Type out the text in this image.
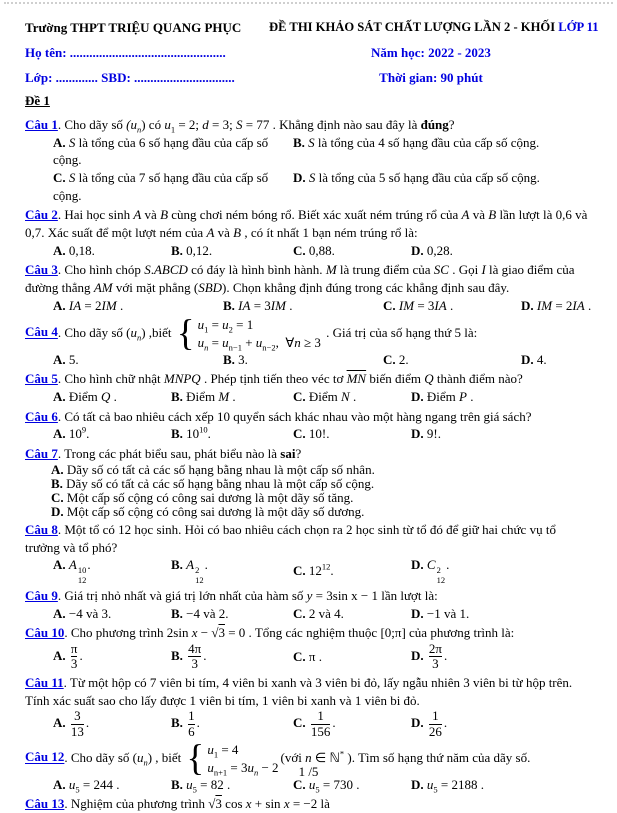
Trường THPT TRIỆU QUANG PHỤC	ĐỀ THI KHẢO SÁT CHẤT LƯỢNG LẦN 2 - KHỐI LỚP 11
Họ tên: ................................................	Năm học: 2022 - 2023
Lớp: ............. SBD: ...............................	Thời gian: 90 phút
Đề 1
Câu 1. Cho dãy số $(u_n)$ có $u_1 = 2$; d = 3; S = 77 . Khẳng định nào sau đây là đúng?
A. S là tổng của 6 số hạng đầu của cấp số cộng.
B. S là tổng của 4 số hạng đầu của cấp số cộng.
C. S là tổng của 7 số hạng đầu của cấp số cộng.
D. S là tổng của 5 số hạng đầu của cấp số cộng.
Câu 2. Hai học sinh A và B cùng chơi ném bóng rổ. Biết xác xuất ném trúng rổ của A và B lần lượt là 0,6 và 0,7. Xác suất để một lượt ném của A và B , có ít nhất 1 bạn ném trúng rổ là:
A. 0,18.	B. 0,12.	C. 0,88.	D. 0,28.
Câu 3. Cho hình chóp S.ABCD có đáy là hình bình hành. M là trung điểm của SC . Gọi I là giao điểm của đường thẳng AM với mặt phẳng (SBD). Chọn khẳng định đúng trong các khẳng định sau đây.
A. IA = 2IM .	B. IA = 3IM .	C. IM = 3IA .	D. IM = 2IA .
Câu 4. Cho dãy số $(u_n)$ ,biết { $u_1 = u_2 = 1$
$u_n = u_{n-1} + u_{n-2}$,  ∀n ≥ 3
. Giá trị của số hạng thứ 5 là:
A. 5.	B. 3.	C. 2.	D. 4.
Câu 5. Cho hình chữ nhật MNPQ . Phép tịnh tiến theo véc tơ $\overline{MN}$ biến điểm Q thành điểm nào?
A. Điểm Q .	B. Điểm M .	C. Điểm N .	D. Điểm P .
Câu 6. Có tất cả bao nhiêu cách xếp 10 quyển sách khác nhau vào một hàng ngang trên giá sách?
A. $10^9$.	B. $10^{10}$.	C. 10!.	D. 9!.
Câu 7. Trong các phát biểu sau, phát biểu nào là sai?
A. Dãy số có tất cả các số hạng bằng nhau là một cấp số nhân.
B. Dãy số có tất cả các số hạng bằng nhau là một cấp số cộng.
C. Một cấp số cộng có công sai dương là một dãy số tăng.
D. Một cấp số cộng có công sai dương là một dãy số dương.
Câu 8. Một tổ có 12 học sinh. Hỏi có bao nhiêu cách chọn ra 2 học sinh từ tổ đó để giữ hai chức vụ tổ trưởng và tổ phó?
A. A 10
12
.	B. A 2
12
.	C. $12^{12}$.	D. C 2
12
.
Câu 9. Giá trị nhỏ nhất và giá trị lớn nhất của hàm số y = 3sin x − 1 lần lượt là:
A. −4 và 3.	B. −4 và 2.	C. 2 và 4.	D. −1 và 1.
Câu 10. Cho phương trình 2sin x − √3 = 0 . Tổng các nghiệm thuộc [0;π] của phương trình là:
A. $\frac{\pi}{3}$ .	B. $\frac{4\pi}{3}$ .	C. π .	D. $\frac{2\pi}{3}$ .
Câu 11. Từ một hộp có 7 viên bi tím, 4 viên bi xanh và 3 viên bi đỏ, lấy ngẫu nhiên 3 viên bi từ hộp trên. Tính xác suất sao cho lấy được 1 viên bi tím, 1 viên bi xanh và 1 viên bi đỏ.
A. $\frac{3}{13}$ .	B. $\frac{1}{6}$ .	C. $\frac{1}{156}$ .	D. $\frac{1}{26}$ .
Câu 12. Cho dãy số $(u_n)$ , biết { $u_1 = 4$
$u_{n+1} = 3u_n - 2$
(với n ∈ ℕ* ). Tìm số hạng thứ năm của dãy số.
A. $u_5 = 244$ .	B. $u_5 = 82$ .	C. $u_5 = 730$ .	D. $u_5 = 2188$ .
Câu 13. Nghiệm của phương trình √3 cos x + sin x = −2 là
1 /5
